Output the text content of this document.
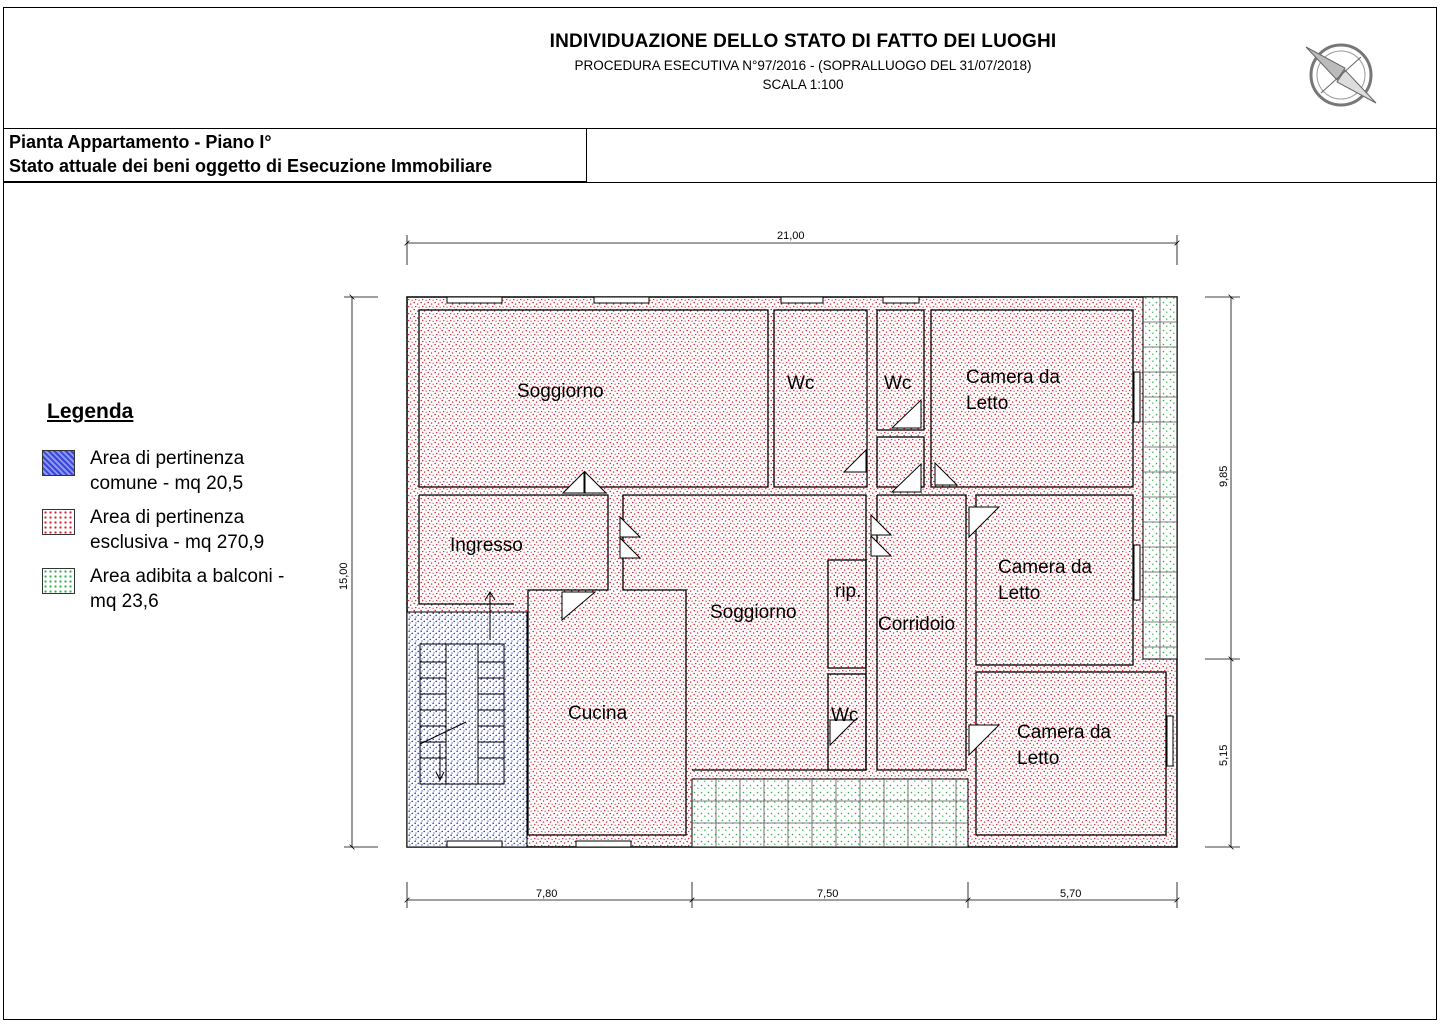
INDIVIDUAZIONE DELLO STATO DI FATTO DEI LUOGHI
PROCEDURA ESECUTIVA N°97/2016 - (SOPRALLUOGO DEL 31/07/2018)
SCALA 1:100
Pianta Appartamento - Piano I°
Stato attuale dei beni oggetto di Esecuzione Immobiliare
Legenda
Area di pertinenza
comune - mq 20,5
Area di pertinenza
esclusiva - mq 270,9
Area adibita a balconi -
mq 23,6
Soggiorno	Wc	Wc	Camera da
Letto
Ingresso
Soggiorno
rip.
Corridoio
Camera da
Letto
Cucina	Wc
Camera da
Letto
21,00
15,00
9,85
5,15
7,80	7,50	5,70
